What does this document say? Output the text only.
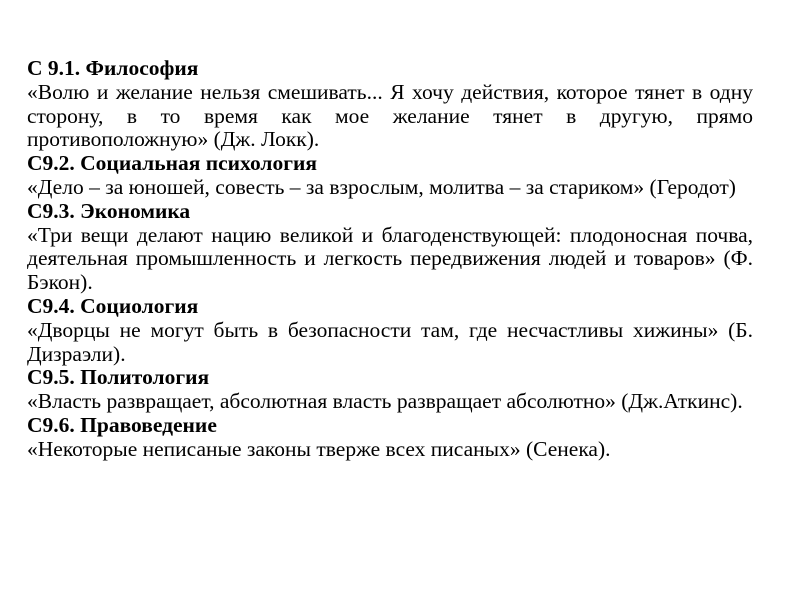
С 9.1. Философия

«Волю и желание нельзя смешивать... Я хочу действия, которое тянет в одну сторону, в то время как мое желание тянет в другую, прямо противоположную» (Дж. Локк).

С9.2. Социальная психология

«Дело – за юношей, совесть – за взрослым, молитва – за стариком» (Геродот)

С9.3. Экономика

«Три вещи делают нацию великой и благоденствующей: плодоносная почва, деятельная промышленность и легкость передвижения людей и товаров» (Ф. Бэкон).

С9.4. Социология

«Дворцы не могут быть в безопасности там, где несчастливы хижины» (Б. Дизраэли).

С9.5. Политология

«Власть развращает, абсолютная власть развращает абсолютно» (Дж.Аткинс).

С9.6. Правоведение

«Некоторые неписаные законы тверже всех писаных» (Сенека).
